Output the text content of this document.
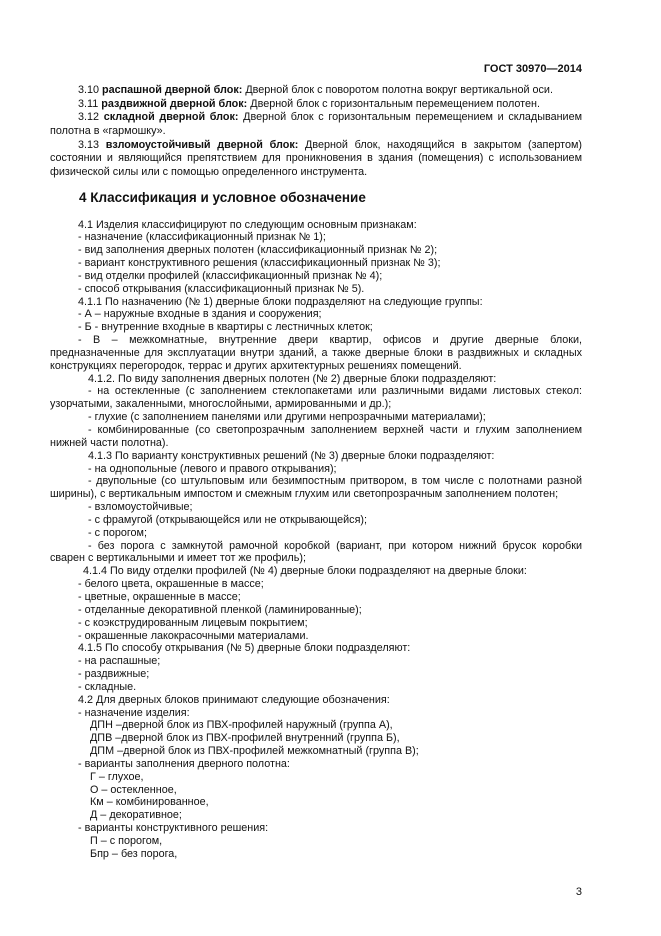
ГОСТ 30970—2014
3.10 распашной дверной блок: Дверной блок с поворотом полотна вокруг вертикальной оси.
3.11 раздвижной дверной блок: Дверной блок с горизонтальным перемещением полотен.
3.12 складной дверной блок: Дверной блок с горизонтальным перемещением и складыванием
полотна в «гармошку».
3.13 взломоустойчивый дверной блок: Дверной блок, находящийся в закрытом (запертом)
состоянии и являющийся препятствием для проникновения в здания (помещения) с использованием
физической силы или с помощью определенного инструмента.
4 Классификация и условное обозначение
4.1 Изделия классифицируют по следующим основным признакам:
- назначение (классификационный признак № 1);
- вид заполнения дверных полотен (классификационный признак № 2);
- вариант конструктивного решения (классификационный признак № 3);
- вид отделки профилей (классификационный признак № 4);
- способ открывания (классификационный признак № 5).
4.1.1 По назначению (№ 1) дверные блоки подразделяют на следующие группы:
- А – наружные входные в здания и сооружения;
- Б - внутренние входные в квартиры с лестничных клеток;
- В – межкомнатные, внутренние двери квартир, офисов и другие дверные блоки,
предназначенные для эксплуатации внутри зданий, а также дверные блоки в раздвижных и складных
конструкциях перегородок, террас и других архитектурных решениях помещений.
4.1.2. По виду заполнения дверных полотен (№ 2) дверные блоки подразделяют:
- на остекленные (с заполнением стеклопакетами или различными видами листовых стекол:
узорчатыми, закаленными, многослойными, армированными и др.);
- глухие (с заполнением панелями или другими непрозрачными материалами);
- комбинированные (со светопрозрачным заполнением верхней части и глухим заполнением
нижней части полотна).
4.1.3 По варианту конструктивных решений (№ 3) дверные блоки подразделяют:
- на однопольные (левого и правого открывания);
- двупольные (со штульповым или безимпостным притвором, в том числе с полотнами разной
ширины), с вертикальным импостом и смежным глухим или светопрозрачным заполнением полотен;
- взломоустойчивые;
- с фрамугой (открывающейся или не открывающейся);
- с порогом;
- без порога с замкнутой рамочной коробкой (вариант, при котором нижний брусок коробки
сварен с вертикальными и имеет тот же профиль);
4.1.4 По виду отделки профилей (№ 4) дверные блоки подразделяют на дверные блоки:
- белого цвета, окрашенные в массе;
- цветные, окрашенные в массе;
- отделанные декоративной пленкой (ламинированные);
- с коэкструдированным лицевым покрытием;
- окрашенные лакокрасочными материалами.
4.1.5 По способу открывания (№ 5) дверные блоки подразделяют:
- на распашные;
- раздвижные;
- складные.
4.2 Для дверных блоков принимают следующие обозначения:
- назначение изделия:
ДПН –дверной блок из ПВХ-профилей наружный (группа А),
ДПВ –дверной блок из ПВХ-профилей внутренний (группа Б),
ДПМ –дверной блок из ПВХ-профилей межкомнатный (группа В);
- варианты заполнения дверного полотна:
Г – глухое,
О – остекленное,
Км – комбинированное,
Д – декоративное;
- варианты конструктивного решения:
П – с порогом,
Бпр – без порога,
3
